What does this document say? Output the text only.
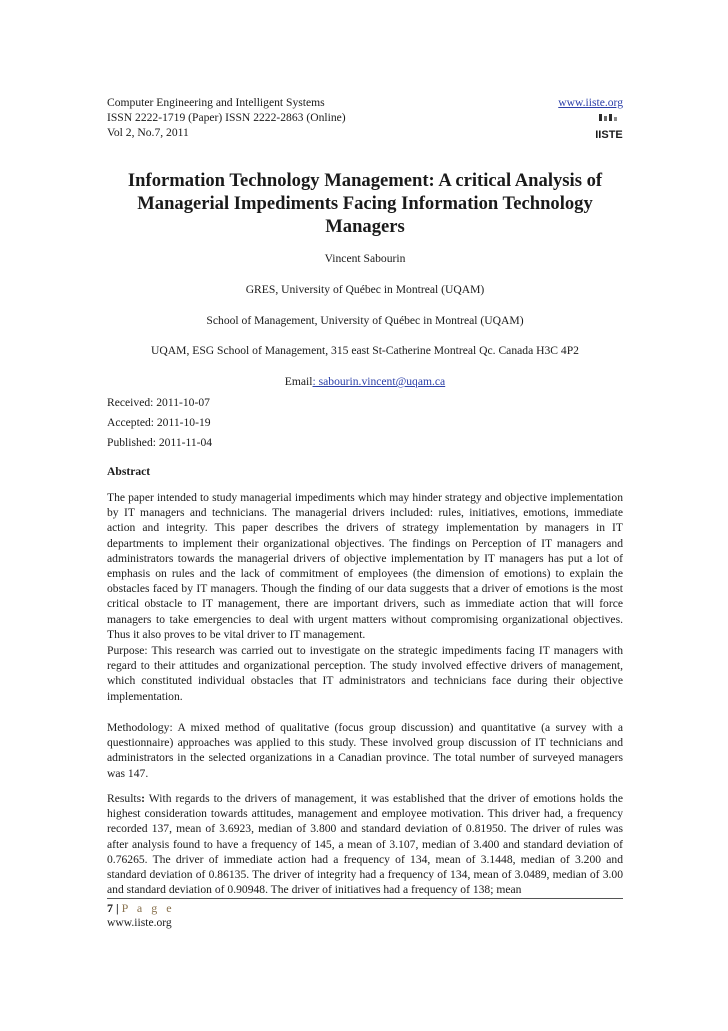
Computer Engineering and Intelligent Systems	www.iiste.org
ISSN 2222-1719 (Paper) ISSN 2222-2863 (Online)
Vol 2, No.7, 2011	IISTE
Information Technology Management: A critical Analysis of Managerial Impediments Facing Information Technology Managers
Vincent Sabourin
GRES, University of Québec in Montreal (UQAM)
School of Management, University of Québec in Montreal (UQAM)
UQAM, ESG School of Management, 315 east St-Catherine Montreal Qc. Canada H3C 4P2
Email: sabourin.vincent@uqam.ca
Received: 2011-10-07
Accepted: 2011-10-19
Published: 2011-11-04
Abstract

The paper intended to study managerial impediments which may hinder strategy and objective implementation by IT managers and technicians. The managerial drivers included: rules, initiatives, emotions, immediate action and integrity. This paper describes the drivers of strategy implementation by managers in IT departments to implement their organizational objectives. The findings on Perception of IT managers and administrators towards the managerial drivers of objective implementation by IT managers has put a lot of emphasis on rules and the lack of commitment of employees (the dimension of emotions) to explain the obstacles faced by IT managers. Though the finding of our data suggests that a driver of emotions is the most critical obstacle to IT management, there are important drivers, such as immediate action that will force managers to take emergencies to deal with urgent matters without compromising organizational objectives. Thus it also proves to be vital driver to IT management.

Purpose: This research was carried out to investigate on the strategic impediments facing IT managers with regard to their attitudes and organizational perception. The study involved effective drivers of management, which constituted individual obstacles that IT administrators and technicians face during their objective implementation.

Methodology: A mixed method of qualitative (focus group discussion) and quantitative (a survey with a questionnaire) approaches was applied to this study. These involved group discussion of IT technicians and administrators in the selected organizations in a Canadian province. The total number of surveyed managers was 147.

Results: With regards to the drivers of management, it was established that the driver of emotions holds the highest consideration towards attitudes, management and employee motivation. This driver had, a frequency recorded 137, mean of 3.6923, median of 3.800 and standard deviation of 0.81950. The driver of rules was after analysis found to have a frequency of 145, a mean of 3.107, median of 3.400 and standard deviation of 0.76265. The driver of immediate action had a frequency of 134, mean of 3.1448, median of 3.200 and standard deviation of 0.86135. The driver of integrity had a frequency of 134, mean of 3.0489, median of 3.00 and standard deviation of 0.90948. The driver of initiatives had a frequency of 138; mean

7 | P a g e
www.iiste.org
